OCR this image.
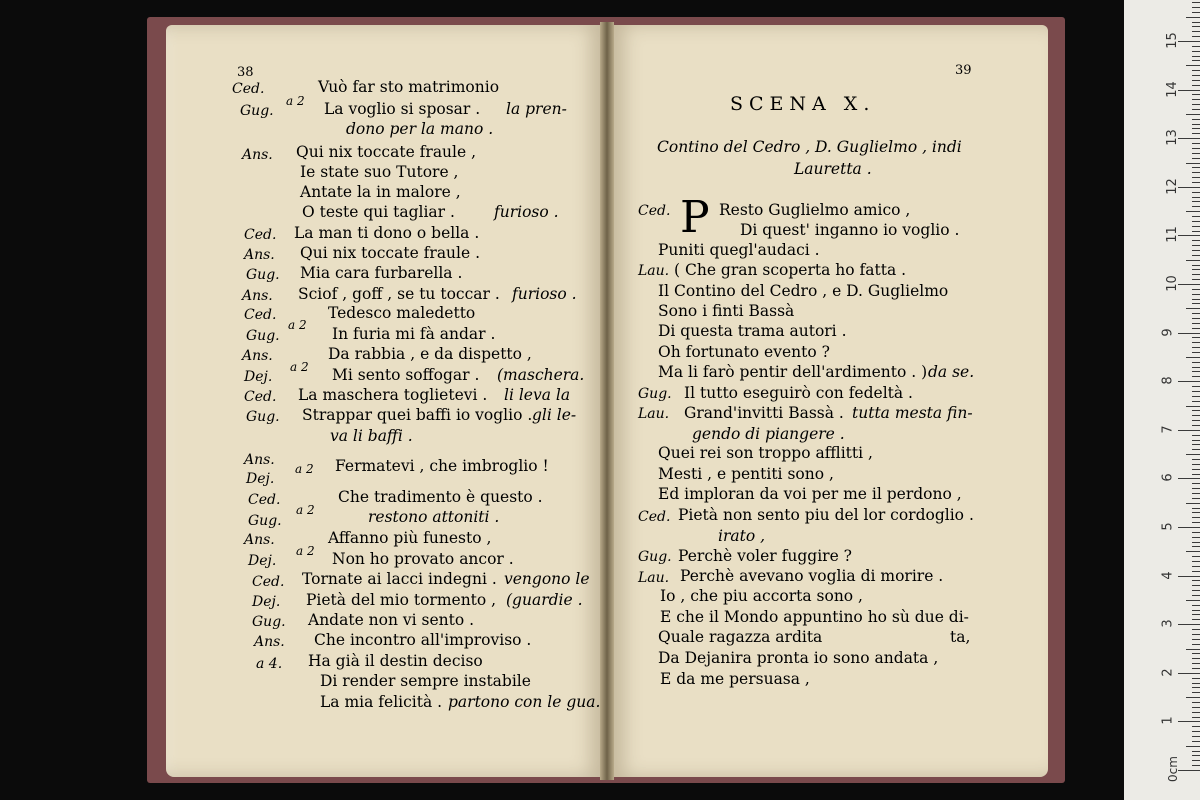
38
Ced.
Gug.
Ans.
Ced.
Ans.
Gug.
Ans.
Ced.
Gug.
Ans.
Dej.
Ced.
Gug.
Ans.
Dej.
Ced.
Gug.
Ans.
Dej.
Ced.
Dej.
Gug.
Ans.
a 4.
a 2
a 2
a 2
a 2
a 2
a 2
Vuò far sto matrimonio
La voglio si sposar .
Qui nix toccate fraule ,
Ie state suo Tutore ,
Antate la in malore ,
O teste qui tagliar .
La man ti dono o bella .
Qui nix toccate fraule .
Mia cara furbarella .
Sciof , goff , se tu toccar .
Tedesco maledetto
In furia mi fà andar .
Da rabbia , e da dispetto ,
Mi sento soffogar .
La maschera toglietevi .
Strappar quei baffi io voglio .
Fermatevi , che imbroglio !
Che tradimento è questo .
Affanno più funesto ,
Non ho provato ancor .
Tornate ai lacci indegni .
Pietà del mio tormento ,
Andate non vi sento .
Che incontro all'improviso .
Ha già il destin deciso
Di render sempre instabile
La mia felicità .
la pren-
dono per la mano .
furioso .
furioso .
(maschera.
li leva la
gli le-
va li baffi .
restono attoniti .
vengono le
(guardie .
partono con le gua.
39
SCENA X.
Contino del Cedro , D. Guglielmo , indi
Lauretta .
P
Ced.
Lau.
Gug.
Lau.
Ced.
Gug.
Lau.
Resto Guglielmo amico ,
Di quest' inganno io voglio .
Puniti quegl'audaci .
( Che gran scoperta ho fatta .
Il Contino del Cedro , e D. Guglielmo
Sono i finti Bassà
Di questa trama autori .
Oh fortunato evento ?
Ma li farò pentir dell'ardimento . )
Il tutto eseguirò con fedeltà .
Grand'invitti Bassà .
Quei rei son troppo afflitti ,
Mesti , e pentiti sono ,
Ed imploran da voi per me il perdono ,
Pietà non sento piu del lor cordoglio .
Perchè voler fuggire ?
Perchè avevano voglia di morire .
Io , che piu accorta sono ,
E che il Mondo appuntino ho sù due di-
Quale ragazza ardita
Da Dejanira pronta io sono andata ,
E da me persuasa ,
da se.
tutta mesta fin-
gendo di piangere .
irato ,
ta,
1
2
3
4
5
6
7
8
9
10
11
12
13
14
15
0cm
